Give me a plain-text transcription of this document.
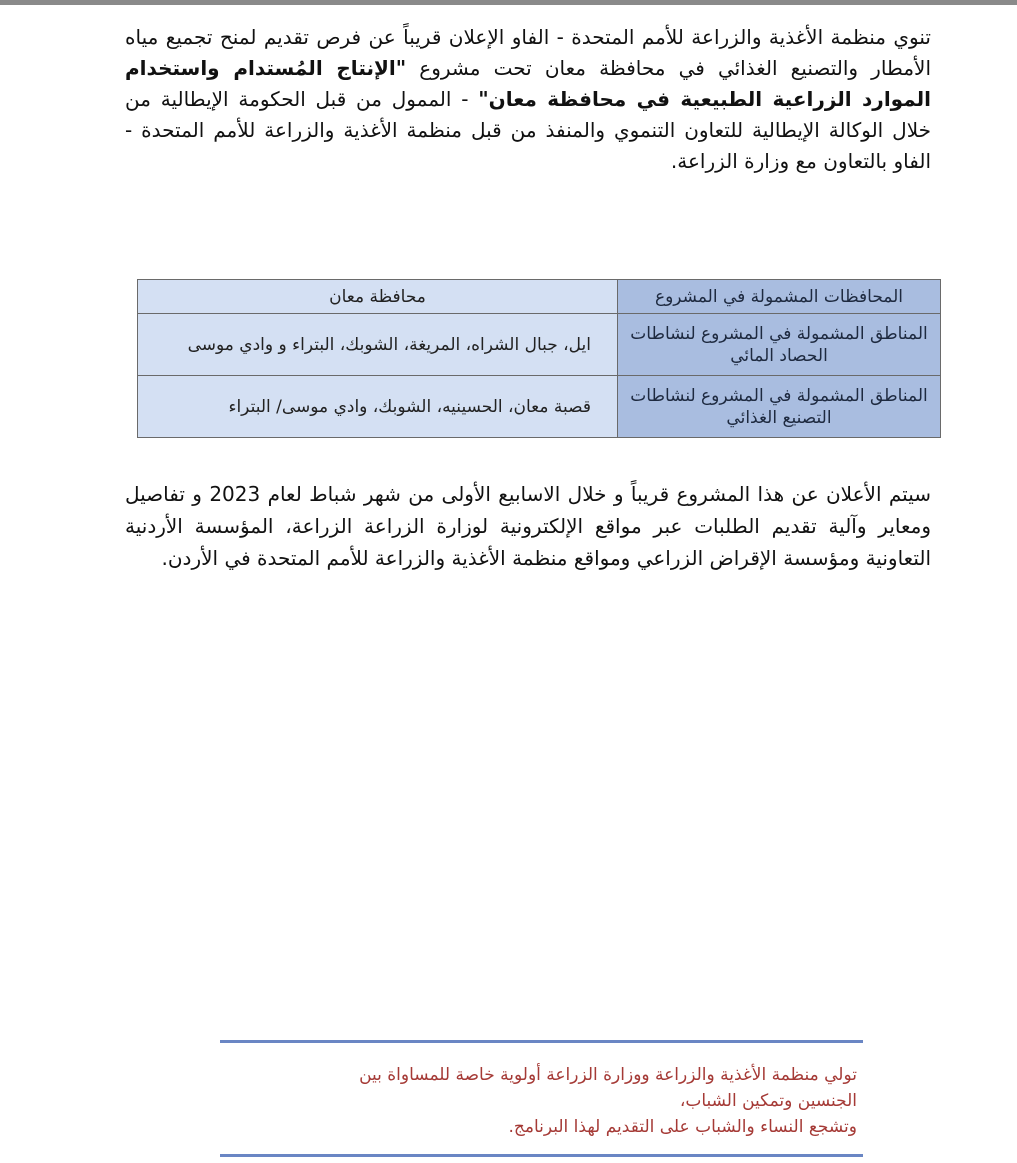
تنوي منظمة الأغذية والزراعة للأمم المتحدة - الفاو الإعلان قريباً عن فرص تقديم لمنح تجميع مياه الأمطار والتصنيع الغذائي في محافظة معان تحت مشروع "الإنتاج المُستدام واستخدام الموارد الزراعية الطبيعية في محافظة معان" - الممول من قبل الحكومة الإيطالية من خلال الوكالة الإيطالية للتعاون التنموي والمنفذ من قبل منظمة الأغذية والزراعة للأمم المتحدة - الفاو بالتعاون مع وزارة الزراعة.
المحافظات المشمولة في المشروع	محافظة معان
المناطق المشمولة في المشروع لنشاطات الحصاد المائي	ايل، جبال الشراه، المريغة، الشوبك، البتراء و وادي موسى
المناطق المشمولة في المشروع لنشاطات التصنيع الغذائي	قصبة معان، الحسينيه، الشوبك، وادي موسى/ البتراء
سيتم الأعلان عن هذا المشروع قريباً و خلال الاسابيع الأولى من شهر شباط لعام 2023 و تفاصيل ومعاير وآلية تقديم الطلبات عبر مواقع الإلكترونية لوزارة الزراعة الزراعة، المؤسسة الأردنية التعاونية ومؤسسة الإقراض الزراعي ومواقع منظمة الأغذية والزراعة للأمم المتحدة في الأردن.
تولي منظمة الأغذية والزراعة ووزارة الزراعة أولوية خاصة للمساواة بين
الجنسين وتمكين الشباب،
وتشجع النساء والشباب على التقديم لهذا البرنامج.
